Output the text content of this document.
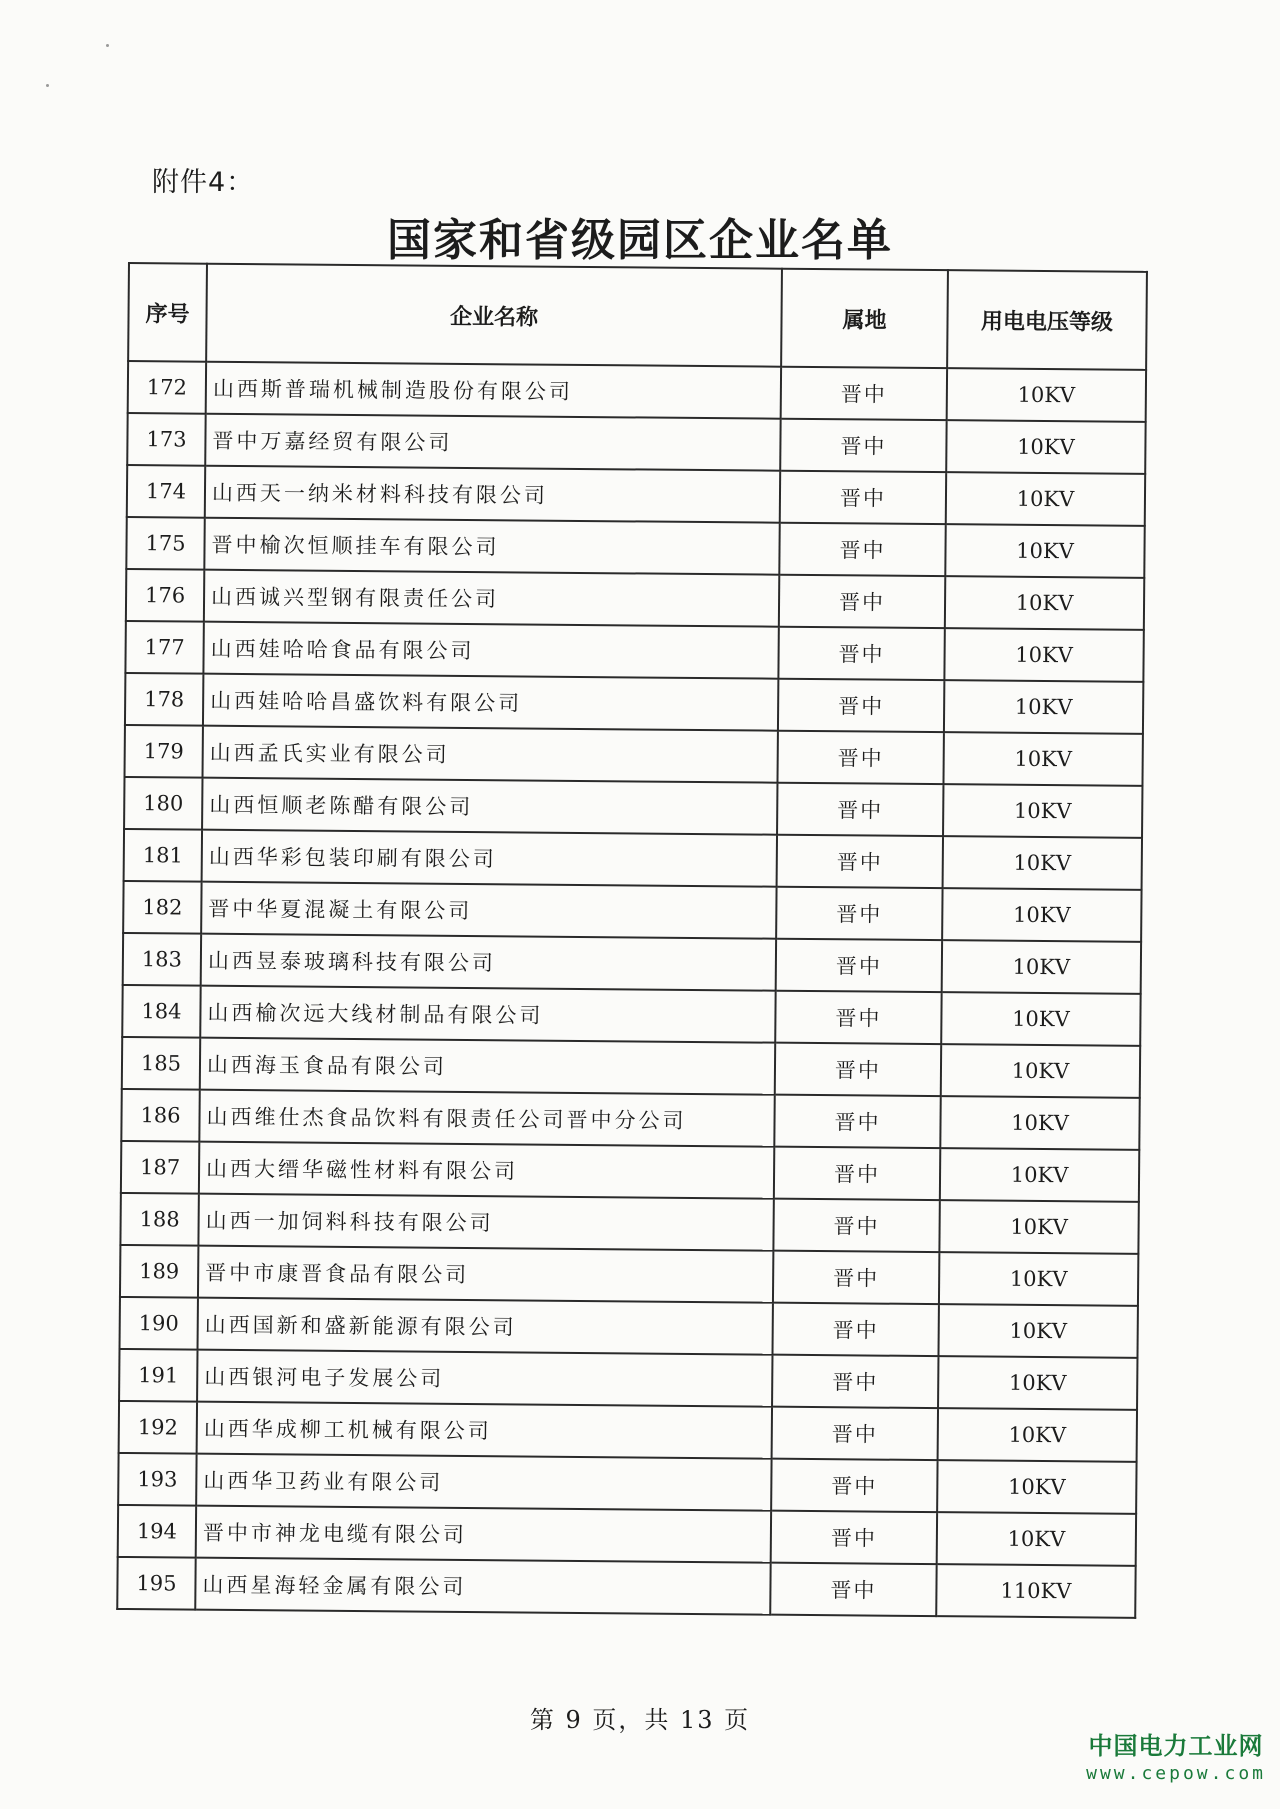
附件4：
国家和省级园区企业名单
序号	企业名称	属地	用电电压等级
172	山西斯普瑞机械制造股份有限公司	晋中	10KV
173	晋中万嘉经贸有限公司	晋中	10KV
174	山西天一纳米材料科技有限公司	晋中	10KV
175	晋中榆次恒顺挂车有限公司	晋中	10KV
176	山西诚兴型钢有限责任公司	晋中	10KV
177	山西娃哈哈食品有限公司	晋中	10KV
178	山西娃哈哈昌盛饮料有限公司	晋中	10KV
179	山西孟氏实业有限公司	晋中	10KV
180	山西恒顺老陈醋有限公司	晋中	10KV
181	山西华彩包装印刷有限公司	晋中	10KV
182	晋中华夏混凝土有限公司	晋中	10KV
183	山西昱泰玻璃科技有限公司	晋中	10KV
184	山西榆次远大线材制品有限公司	晋中	10KV
185	山西海玉食品有限公司	晋中	10KV
186	山西维仕杰食品饮料有限责任公司晋中分公司	晋中	10KV
187	山西大缙华磁性材料有限公司	晋中	10KV
188	山西一加饲料科技有限公司	晋中	10KV
189	晋中市康晋食品有限公司	晋中	10KV
190	山西国新和盛新能源有限公司	晋中	10KV
191	山西银河电子发展公司	晋中	10KV
192	山西华成柳工机械有限公司	晋中	10KV
193	山西华卫药业有限公司	晋中	10KV
194	晋中市神龙电缆有限公司	晋中	10KV
195	山西星海轻金属有限公司	晋中	110KV
第 9 页，共 13 页
中国电力工业网
www.cepow.com
